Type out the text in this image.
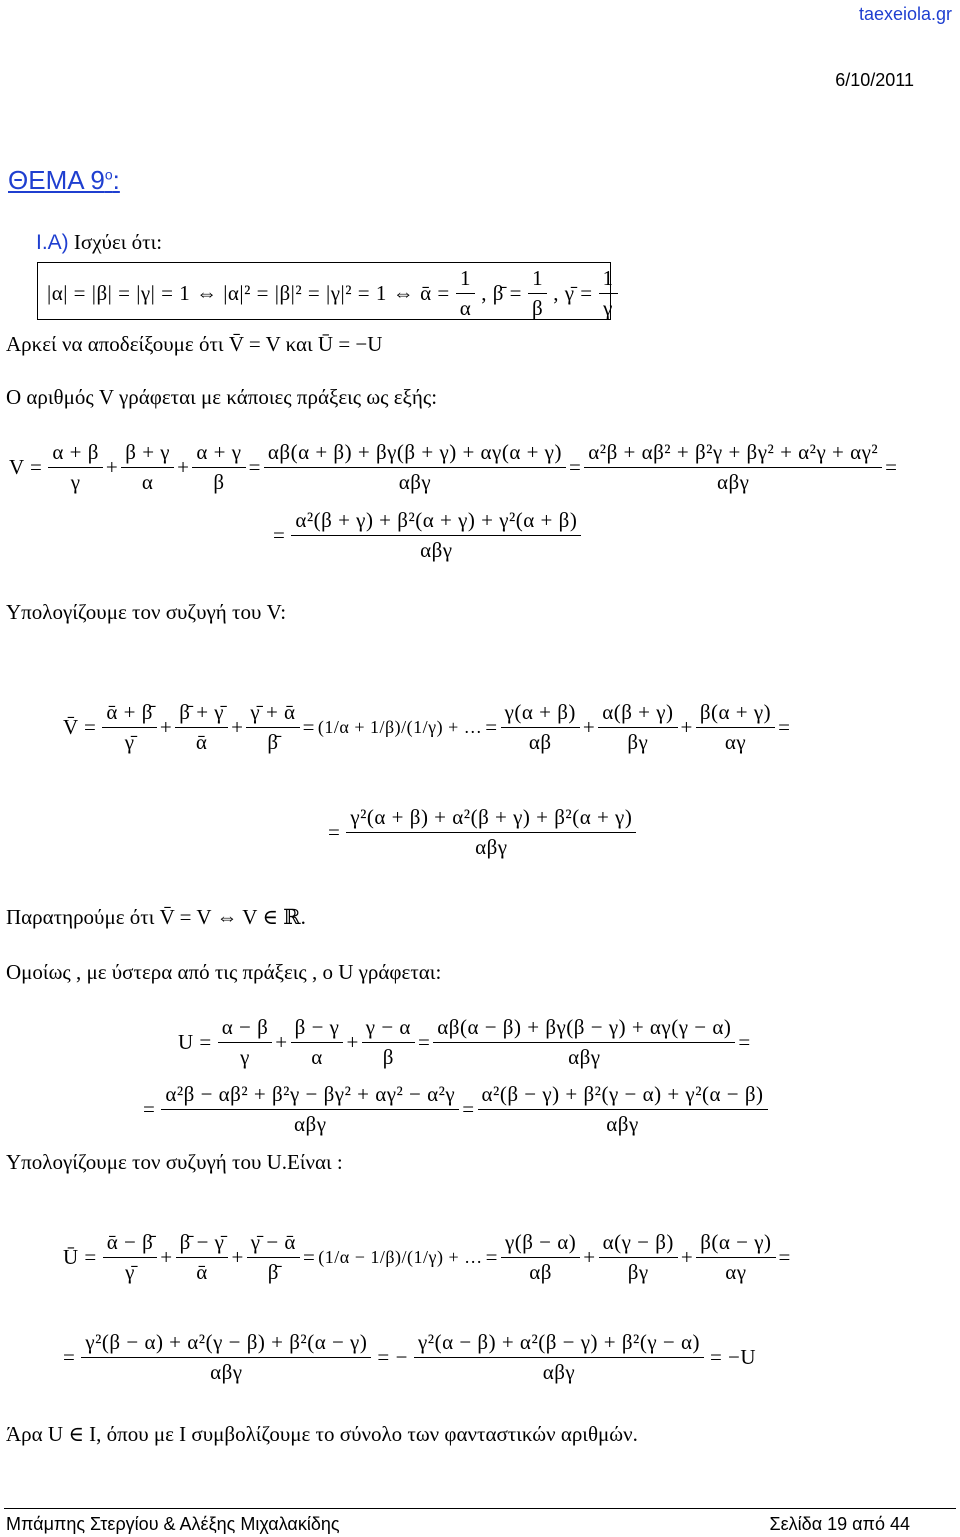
taexeiola.gr
6/10/2011
ΘΕΜΑ $9^o$:
I.Α) Ισχύει ότι:
|α| = |β| = |γ| = 1 ⇔ |α|² = |β|² = |γ|² = 1 ⇔ ᾱ = $\frac{1}{\alpha}$ , β̄ = $\frac{1}{\beta}$ , γ̄ = $\frac{1}{\gamma}$
Αρκεί να αποδείξουμε ότι V̄ = V και Ū = −U
Ο αριθμός V γράφεται με κάποιες πράξεις ως εξής:
$V = \frac{\alpha + \beta}{\gamma} + \frac{\beta + \gamma}{\alpha} + \frac{\alpha + \gamma}{\beta} = \frac{\alpha\beta(\alpha + \beta) + \beta\gamma(\beta + \gamma) + \alpha\gamma(\alpha + \gamma)}{\text{αβγ}} = \frac{\text{α²β + αβ² + β²γ + βγ² + α²γ + αγ²}}{\text{αβγ}}$ =
= $\frac{\text{α²(β + γ) + β²(α + γ) + γ²(α + β)}}{\text{αβγ}}$
Υπολογίζουμε τον συζυγή του V:
V̄ = $\frac{\text{ᾱ + β̄}}{\gammā} + \frac{\betā + \gammā}{\text{ᾱ}} + \frac{\text{γ̄ + ᾱ}}{\betā} = (1/\alpha + 1/\beta)/(1/\gamma)$ + … = $\frac{\gamma(\alpha + \beta)}{\alpha\beta} + \frac{\alpha(\beta + \gamma)}{\beta\gamma} + \frac{\beta(\alpha + \gamma)}{\alpha\gamma}$ =
= $\frac{\text{γ²(α + β) + α²(β + γ) + β²(α + γ)}}{\text{αβγ}}$
Παρατηρούμε ότι V̄ = V ⇔ V ∈ ℝ.
Ομοίως , με ύστερα από τις πράξεις , ο U γράφεται:
$U = \frac{\alpha - \beta}{\gamma} + \frac{\beta - \gamma}{\alpha} + \frac{\gamma - \alpha}{\beta} = \frac{\alpha\beta(\alpha - \beta) + \beta\gamma(\beta - \gamma) + \alpha\gamma(\gamma - \alpha)}{\text{αβγ}}$ =
= $\frac{\text{α²β − αβ² + β²γ − βγ² + αγ² − α²γ}}{\text{αβγ}} = \frac{\text{α²(β − γ) + β²(γ − α) + γ²(α − β)}}{\text{αβγ}}$
Υπολογίζουμε τον συζυγή του U.Είναι :
Ū = $\frac{\text{ᾱ − β̄}}{\gammā} + \frac{\betā - \gammā}{\text{ᾱ}} + \frac{\text{γ̄ − ᾱ}}{\betā} = (1/\alpha - 1/\beta)/(1/\gamma)$ + … = $\frac{\gamma(\beta - \alpha)}{\alpha\beta} + \frac{\alpha(\gamma - \beta)}{\beta\gamma} + \frac{\beta(\alpha - \gamma)}{\alpha\gamma}$ =
= $\frac{\text{γ²(β − α) + α²(γ − β) + β²(α − γ)}}{\text{αβγ}}$ = − $\frac{\text{γ²(α − β) + α²(β − γ) + β²(γ − α)}}{\text{αβγ}} = -U$
Άρα U ∈ I, όπου με I συμβολίζουμε το σύνολο των φανταστικών αριθμών.
Μπάμπης Στεργίου & Αλέξης Μιχαλακίδης	Σελίδα 19 από 44
